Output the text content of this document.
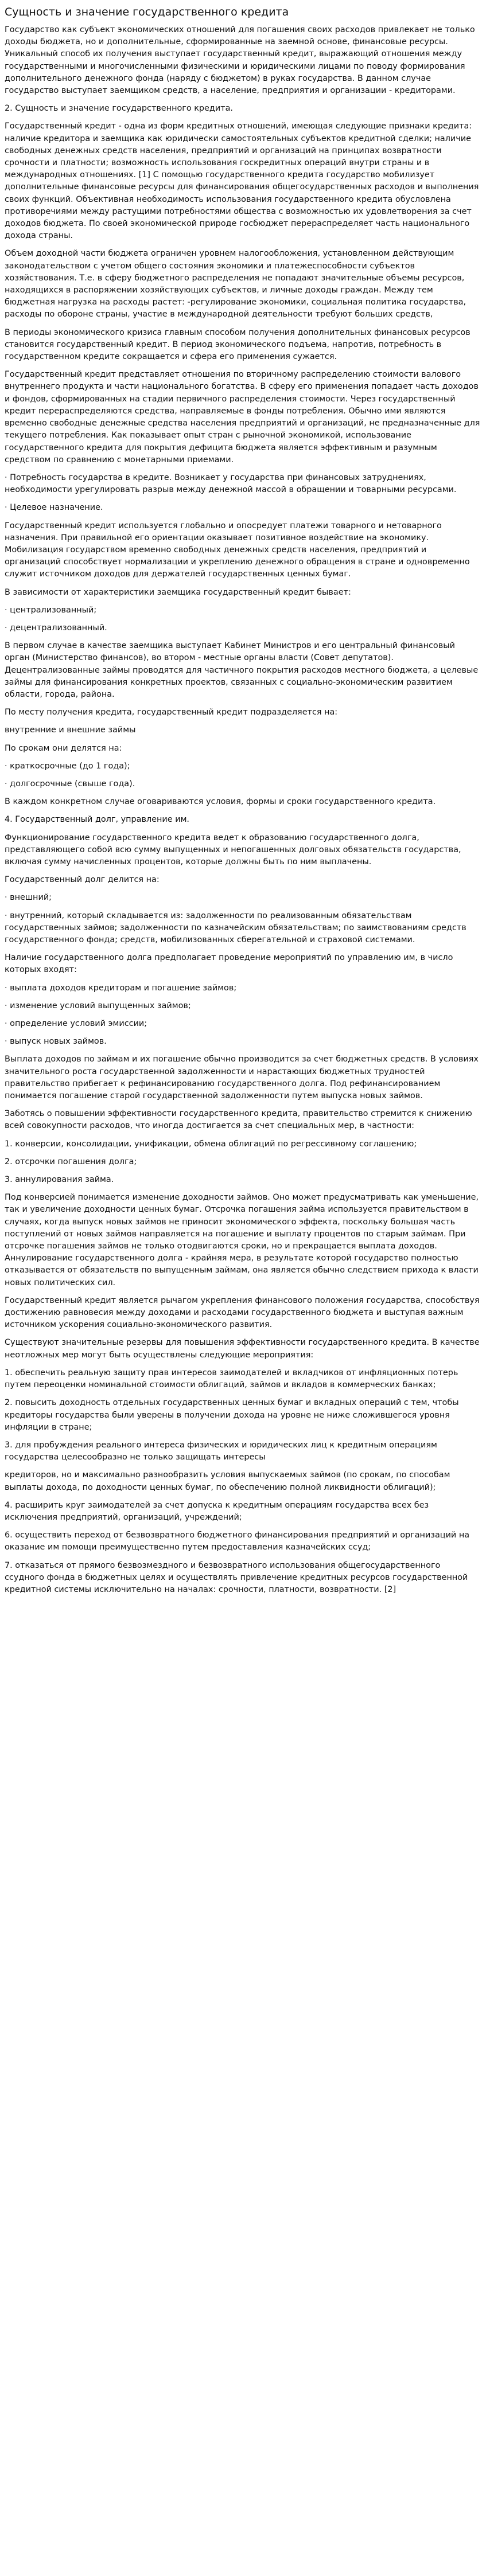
Сущность и значение государственного кредита

Государство как субъект экономических отношений для погашения своих расходов привлекает не только доходы бюджета, но и дополнительные, сформированные на заемной основе, финансовые ресурсы. Уникальный способ их получения выступает государственный кредит, выражающий отношения между государственными и многочисленными физическими и юридическими лицами по поводу формирования дополнительного денежного фонда (наряду с бюджетом) в руках государства. В данном случае государство выступает заемщиком средств, а население, предприятия и организации - кредиторами.

2. Сущность и значение государственного кредита.

Государственный кредит - одна из форм кредитных отношений, имеющая следующие признаки кредита: наличие кредитора и заемщика как юридически самостоятельных субъектов кредитной сделки; наличие свободных денежных средств населения, предприятий и организаций на принципах возвратности срочности и платности; возможность использования госкредитных операций внутри страны и в международных отношениях. [1] С помощью государственного кредита государство мобилизует дополнительные финансовые ресурсы для финансирования общегосударственных расходов и выполнения своих функций. Объективная необходимость использования государственного кредита обусловлена противоречиями между растущими потребностями общества с возможностью их удовлетворения за счет доходов бюджета. По своей экономической природе госбюджет перераспределяет часть национального дохода страны.

Объем доходной части бюджета ограничен уровнем налогообложения, установленном действующим законодательством с учетом общего состояния экономики и платежеспособности субъектов хозяйствования. Т.е. в сферу бюджетного распределения не попадают значительные объемы ресурсов, находящихся в распоряжении хозяйствующих субъектов, и личные доходы граждан. Между тем бюджетная нагрузка на расходы растет: -регулирование экономики, социальная политика государства, расходы по обороне страны, участие в международной деятельности требуют больших средств,

В периоды экономического кризиса главным способом получения дополнительных финансовых ресурсов становится государственный кредит. В период экономического подъема, напротив, потребность в государственном кредите сокращается и сфера его применения сужается.

Государственный кредит представляет отношения по вторичному распределению стоимости валового внутреннего продукта и части национального богатства. В сферу его применения попадает часть доходов и фондов, сформированных на стадии первичного распределения стоимости. Через государственный кредит перераспределяются средства, направляемые в фонды потребления. Обычно ими являются временно свободные денежные средства населения предприятий и организаций, не предназначенные для текущего потребления. Как показывает опыт стран с рыночной экономикой, использование государственного кредита для покрытия дефицита бюджета является эффективным и разумным средством по сравнению с монетарными приемами.

· Потребность государства в кредите. Возникает у государства при финансовых затруднениях, необходимости урегулировать разрыв между денежной массой в обращении и товарными ресурсами.

· Целевое назначение.

Государственный кредит используется глобально и опосредует платежи товарного и нетоварного назначения. При правильной его ориентации оказывает позитивное воздействие на экономику. Мобилизация государством временно свободных денежных средств населения, предприятий и организаций способствует нормализации и укреплению денежного обращения в стране и одновременно служит источником доходов для держателей государственных ценных бумаг.

В зависимости от характеристики заемщика государственный кредит бывает:

· централизованный;

· децентрализованный.

В первом случае в качестве заемщика выступает Кабинет Министров и его центральный финансовый орган (Министерство финансов), во втором - местные органы власти (Совет депутатов). Децентрализованные займы проводятся для частичного покрытия расходов местного бюджета, а целевые займы для финансирования конкретных проектов, связанных с социально-экономическим развитием области, города, района.

По месту получения кредита, государственный кредит подразделяется на:

внутренние и внешние займы

По срокам они делятся на:

· краткосрочные (до 1 года);

· долгосрочные (свыше года).

В каждом конкретном случае оговариваются условия, формы и сроки государственного кредита.

4. Государственный долг, управление им.

Функционирование государственного кредита ведет к образованию государственного долга, представляющего собой всю сумму выпущенных и непогашенных долговых обязательств государства, включая сумму начисленных процентов, которые должны быть по ним выплачены.

Государственный долг делится на:

· внешний;

· внутренний, который складывается из: задолженности по реализованным обязательствам государственных займов; задолженности по казначейским обязательствам; по заимствованиям средств государственного фонда; средств, мобилизованных сберегательной и страховой системами.

Наличие государственного долга предполагает проведение мероприятий по управлению им, в число которых входят:

· выплата доходов кредиторам и погашение займов;

· изменение условий выпущенных займов;

· определение условий эмиссии;

· выпуск новых займов.

Выплата доходов по займам и их погашение обычно производится за счет бюджетных средств. В условиях значительного роста государственной задолженности и нарастающих бюджетных трудностей правительство прибегает к рефинансированию государственного долга. Под рефинансированием понимается погашение старой государственной задолженности путем выпуска новых займов.

Заботясь о повышении эффективности государственного кредита, правительство стремится к снижению всей совокупности расходов, что иногда достигается за счет специальных мер, в частности:

1. конверсии, консолидации, унификации, обмена облигаций по регрессивному соглашению;

2. отсрочки погашения долга;

3. аннулирования займа.

Под конверсией понимается изменение доходности займов. Оно может предусматривать как уменьшение, так и увеличение доходности ценных бумаг. Отсрочка погашения займа используется правительством в случаях, когда выпуск новых займов не приносит экономического эффекта, поскольку большая часть поступлений от новых займов направляется на погашение и выплату процентов по старым займам. При отсрочке погашения займов не только отодвигаются сроки, но и прекращается выплата доходов. Аннулирование государственного долга - крайняя мера, в результате которой государство полностью отказывается от обязательств по выпущенным займам, она является обычно следствием прихода к власти новых политических сил.

Государственный кредит является рычагом укрепления финансового положения государства, способствуя достижению равновесия между доходами и расходами государственного бюджета и выступая важным источником ускорения социально-экономического развития.

Существуют значительные резервы для повышения эффективности государственного кредита. В качестве неотложных мер могут быть осуществлены следующие мероприятия:

1. обеспечить реальную защиту прав интересов заимодателей и вкладчиков от инфляционных потерь путем переоценки номинальной стоимости облигаций, займов и вкладов в коммерческих банках;

2. повысить доходность отдельных государственных ценных бумаг и вкладных операций с тем, чтобы кредиторы государства были уверены в получении дохода на уровне не ниже сложившегося уровня инфляции в стране;

3. для пробуждения реального интереса физических и юридических лиц к кредитным операциям государства целесообразно не только защищать интересы

кредиторов, но и максимально разнообразить условия выпускаемых займов (по срокам, по способам выплаты дохода, по доходности ценных бумаг, по обеспечению полной ликвидности облигаций);

4. расширить круг заимодателей за счет допуска к кредитным операциям государства всех без исключения предприятий, организаций, учреждений;

6. осуществить переход от безвозвратного бюджетного финансирования предприятий и организаций на оказание им помощи преимущественно путем предоставления казначейских ссуд;

7. отказаться от прямого безвозмездного и безвозвратного использования общегосударственного ссудного фонда в бюджетных целях и осуществлять привлечение кредитных ресурсов государственной кредитной системы исключительно на началах: срочности, платности, возвратности. [2]
